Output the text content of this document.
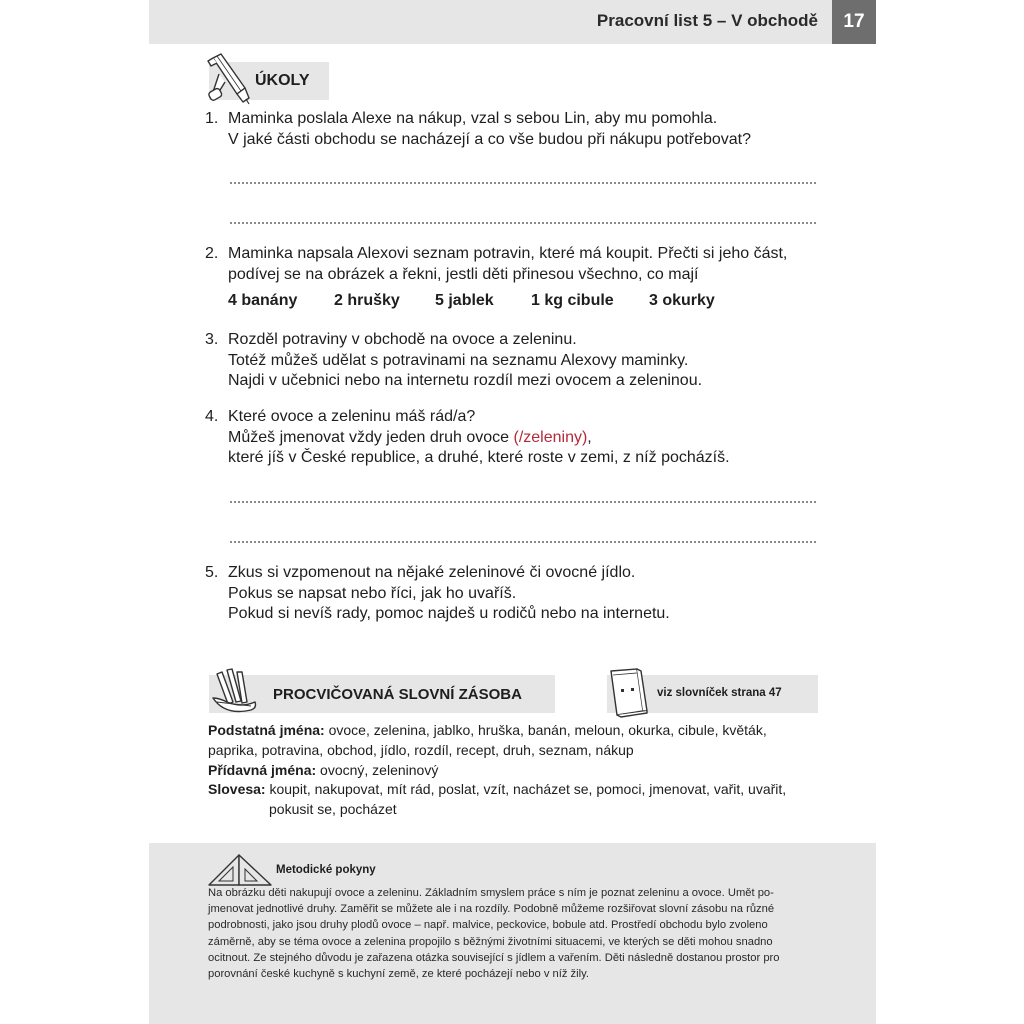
Pracovní list 5 – V obchodě	17
ÚKOLY
1. Maminka poslala Alexe na nákup, vzal s sebou Lin, aby mu pomohla.
V jaké části obchodu se nacházejí a co vše budou při nákupu potřebovat?
2. Maminka napsala Alexovi seznam potravin, které má koupit. Přečti si jeho část,
podívej se na obrázek a řekni, jestli děti přinesou všechno, co mají
4 banány 2 hrušky 5 jablek 1 kg cibule 3 okurky
3. Rozděl potraviny v obchodě na ovoce a zeleninu.
Totéž můžeš udělat s potravinami na seznamu Alexovy maminky.
Najdi v učebnici nebo na internetu rozdíl mezi ovocem a zeleninou.
4. Které ovoce a zeleninu máš rád/a?
Můžeš jmenovat vždy jeden druh ovoce (/zeleniny),
které jíš v České republice, a druhé, které roste v zemi, z níž pocházíš.
5. Zkus si vzpomenout na nějaké zeleninové či ovocné jídlo.
Pokus se napsat nebo říci, jak ho uvaříš.
Pokud si nevíš rady, pomoc najdeš u rodičů nebo na internetu.
PROCVIČOVANÁ SLOVNÍ ZÁSOBA	viz slovníček strana 47
Podstatná jména: ovoce, zelenina, jablko, hruška, banán, meloun, okurka, cibule, květák,
paprika, potravina, obchod, jídlo, rozdíl, recept, druh, seznam, nákup
Přídavná jména: ovocný, zeleninový
Slovesa: koupit, nakupovat, mít rád, poslat, vzít, nacházet se, pomoci, jmenovat, vařit, uvařit,
pokusit se, pocházet
Metodické pokyny
Na obrázku děti nakupují ovoce a zeleninu. Základním smyslem práce s ním je poznat zeleninu a ovoce. Umět po-
jmenovat jednotlivé druhy. Zaměřit se můžete ale i na rozdíly. Podobně můžeme rozšiřovat slovní zásobu na různé
podrobnosti, jako jsou druhy plodů ovoce – např. malvice, peckovice, bobule atd. Prostředí obchodu bylo zvoleno
záměrně, aby se téma ovoce a zelenina propojilo s běžnými životními situacemi, ve kterých se děti mohou snadno
ocitnout. Ze stejného důvodu je zařazena otázka související s jídlem a vařením. Děti následně dostanou prostor pro
porovnání české kuchyně s kuchyní země, ze které pocházejí nebo v níž žily.
